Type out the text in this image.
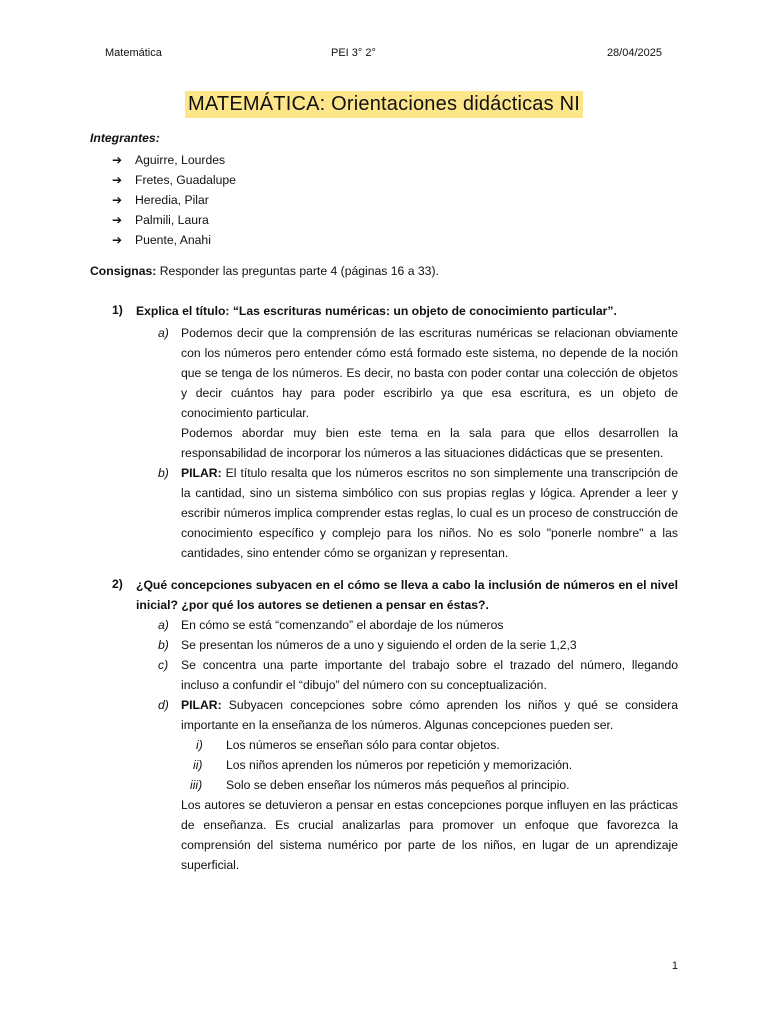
Matemática	PEI 3° 2°	28/04/2025
MATEMÁTICA: Orientaciones didácticas NI
Integrantes:
➔ Aguirre, Lourdes
➔ Fretes, Guadalupe
➔ Heredia, Pilar
➔ Palmili, Laura
➔ Puente, Anahi
Consignas: Responder las preguntas parte 4 (páginas 16 a 33).
1) Explica el título: “Las escrituras numéricas: un objeto de conocimiento particular”.
a) Podemos decir que la comprensión de las escrituras numéricas se relacionan obviamente con los números pero entender cómo está formado este sistema, no depende de la noción que se tenga de los números. Es decir, no basta con poder contar una colección de objetos y decir cuántos hay para poder escribirlo ya que esa escritura, es un objeto de conocimiento particular.

Podemos abordar muy bien este tema en la sala para que ellos desarrollen la responsabilidad de incorporar los números a las situaciones didácticas que se presenten.

b) PILAR: El título resalta que los números escritos no son simplemente una transcripción de la cantidad, sino un sistema simbólico con sus propias reglas y lógica. Aprender a leer y escribir números implica comprender estas reglas, lo cual es un proceso de construcción de conocimiento específico y complejo para los niños. No es solo "ponerle nombre" a las cantidades, sino entender cómo se organizan y representan.

2) ¿Qué concepciones subyacen en el cómo se lleva a cabo la inclusión de números en el nivel inicial? ¿por qué los autores se detienen a pensar en éstas?.
a) En cómo se está “comenzando” el abordaje de los números

b) Se presentan los números de a uno y siguiendo el orden de la serie 1,2,3

c) Se concentra una parte importante del trabajo sobre el trazado del número, llegando incluso a confundir el “dibujo” del número con su conceptualización.

d) PILAR: Subyacen concepciones sobre cómo aprenden los niños y qué se considera importante en la enseñanza de los números. Algunas concepciones pueden ser.

i) Los números se enseñan sólo para contar objetos.
ii) Los niños aprenden los números por repetición y memorización.
iii) Solo se deben enseñar los números más pequeños al principio.

Los autores se detuvieron a pensar en estas concepciones porque influyen en las prácticas de enseñanza. Es crucial analizarlas para promover un enfoque que favorezca la comprensión del sistema numérico por parte de los niños, en lugar de un aprendizaje superficial.

1
